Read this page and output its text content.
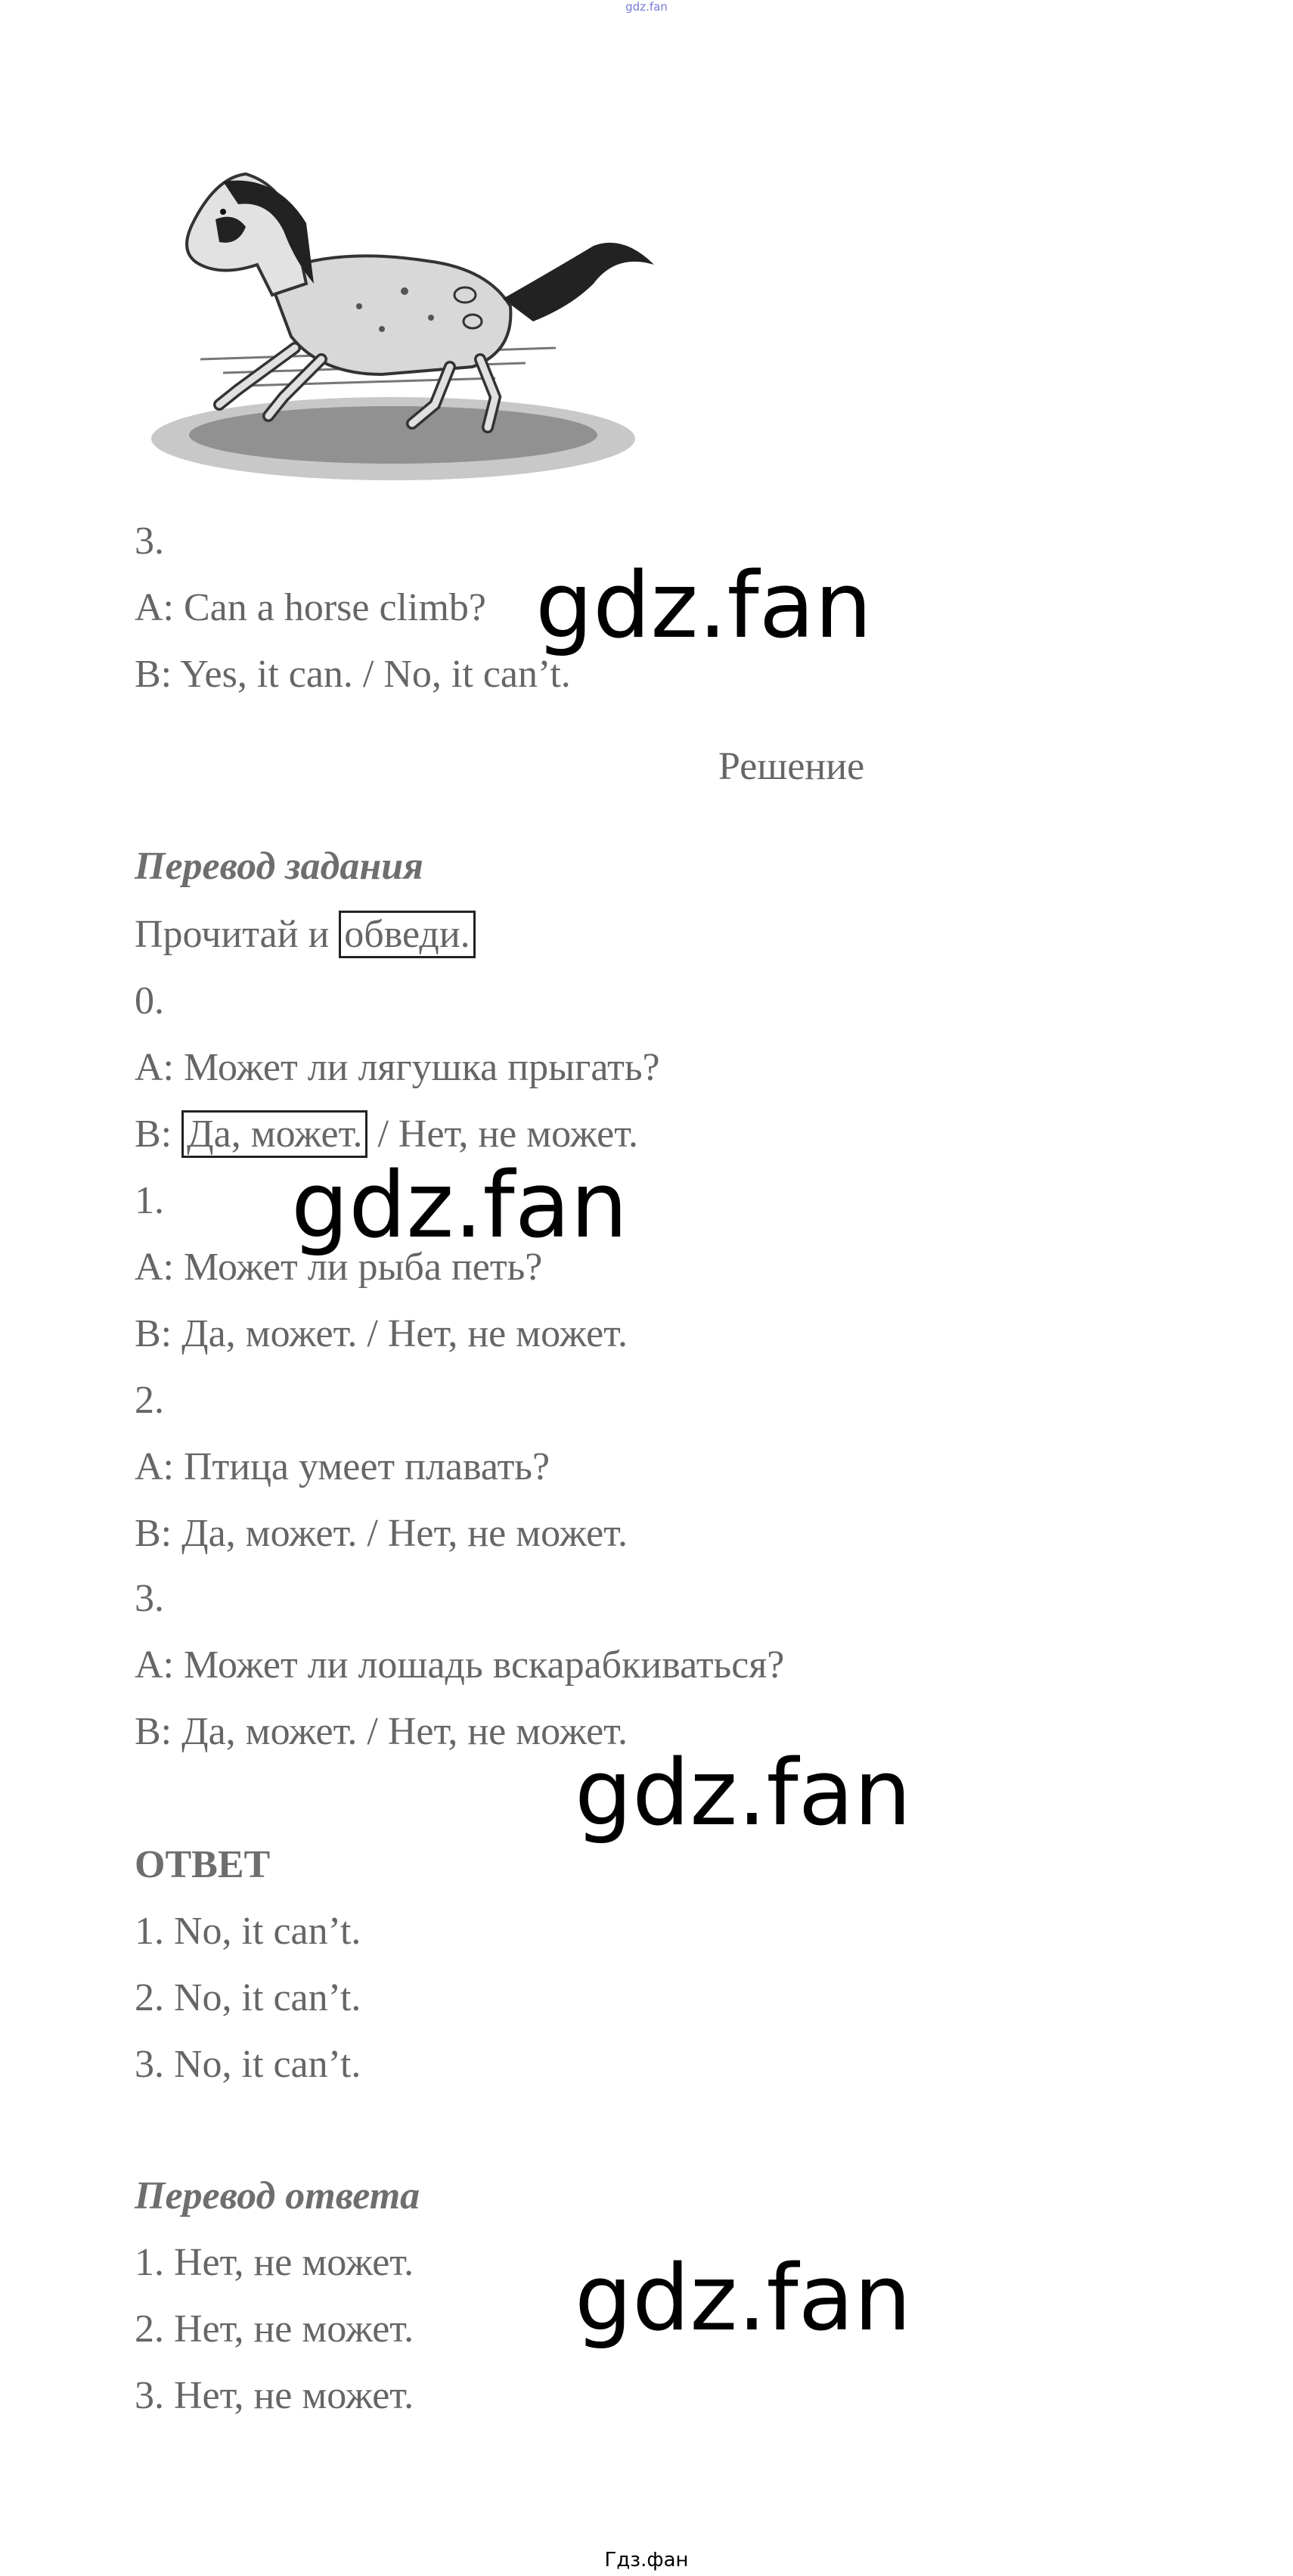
gdz.fan
3.
A: Can a horse climb?
B: Yes, it can. / No, it can’t.
Решение
Перевод задания
Прочитай и обведи.
0.
A: Может ли лягушка прыгать?
B: Да, может. / Нет, не может.
1.
A: Может ли рыба петь?
B: Да, может. / Нет, не может.
2.
A: Птица умеет плавать?
B: Да, может. / Нет, не может.
3.
A: Может ли лошадь вскарабкиваться?
B: Да, может. / Нет, не может.
ОТВЕТ
1. No, it can’t.
2. No, it can’t.
3. No, it can’t.
Перевод ответа
1. Нет, не может.
2. Нет, не может.
3. Нет, не может.
gdz.fan
gdz.fan
gdz.fan
gdz.fan
Гдз.фан
